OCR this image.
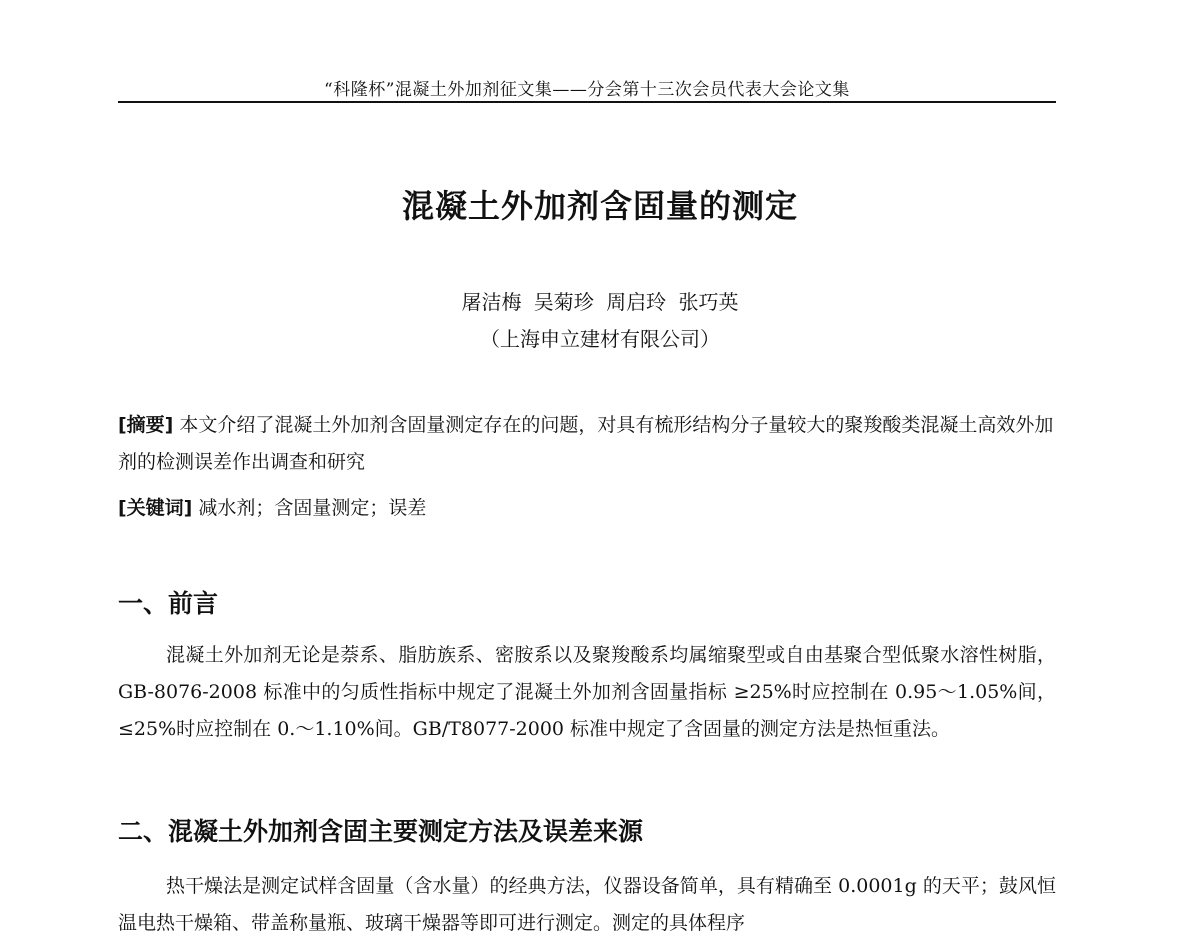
“科隆杯”混凝土外加剂征文集——分会第十三次会员代表大会论文集
混凝土外加剂含固量的测定
屠洁梅 吴菊珍 周启玲 张巧英
（上海申立建材有限公司）
[摘要] 本文介绍了混凝土外加剂含固量测定存在的问题，对具有梳形结构分子量较大的聚羧酸类混凝土高效外加剂的检测误差作出调查和研究
[关键词] 减水剂；含固量测定；误差
一、前言
混凝土外加剂无论是萘系、脂肪族系、密胺系以及聚羧酸系均属缩聚型或自由基聚合型低聚水溶性树脂，GB-8076-2008 标准中的匀质性指标中规定了混凝土外加剂含固量指标 ≥25%时应控制在 0.95～1.05%间，≤25%时应控制在 0.～1.10%间。GB/T8077-2000 标准中规定了含固量的测定方法是热恒重法。
二、混凝土外加剂含固主要测定方法及误差来源
热干燥法是测定试样含固量（含水量）的经典方法，仪器设备简单，具有精确至 0.0001g 的天平；鼓风恒温电热干燥箱、带盖称量瓶、玻璃干燥器等即可进行测定。测定的具体程序
